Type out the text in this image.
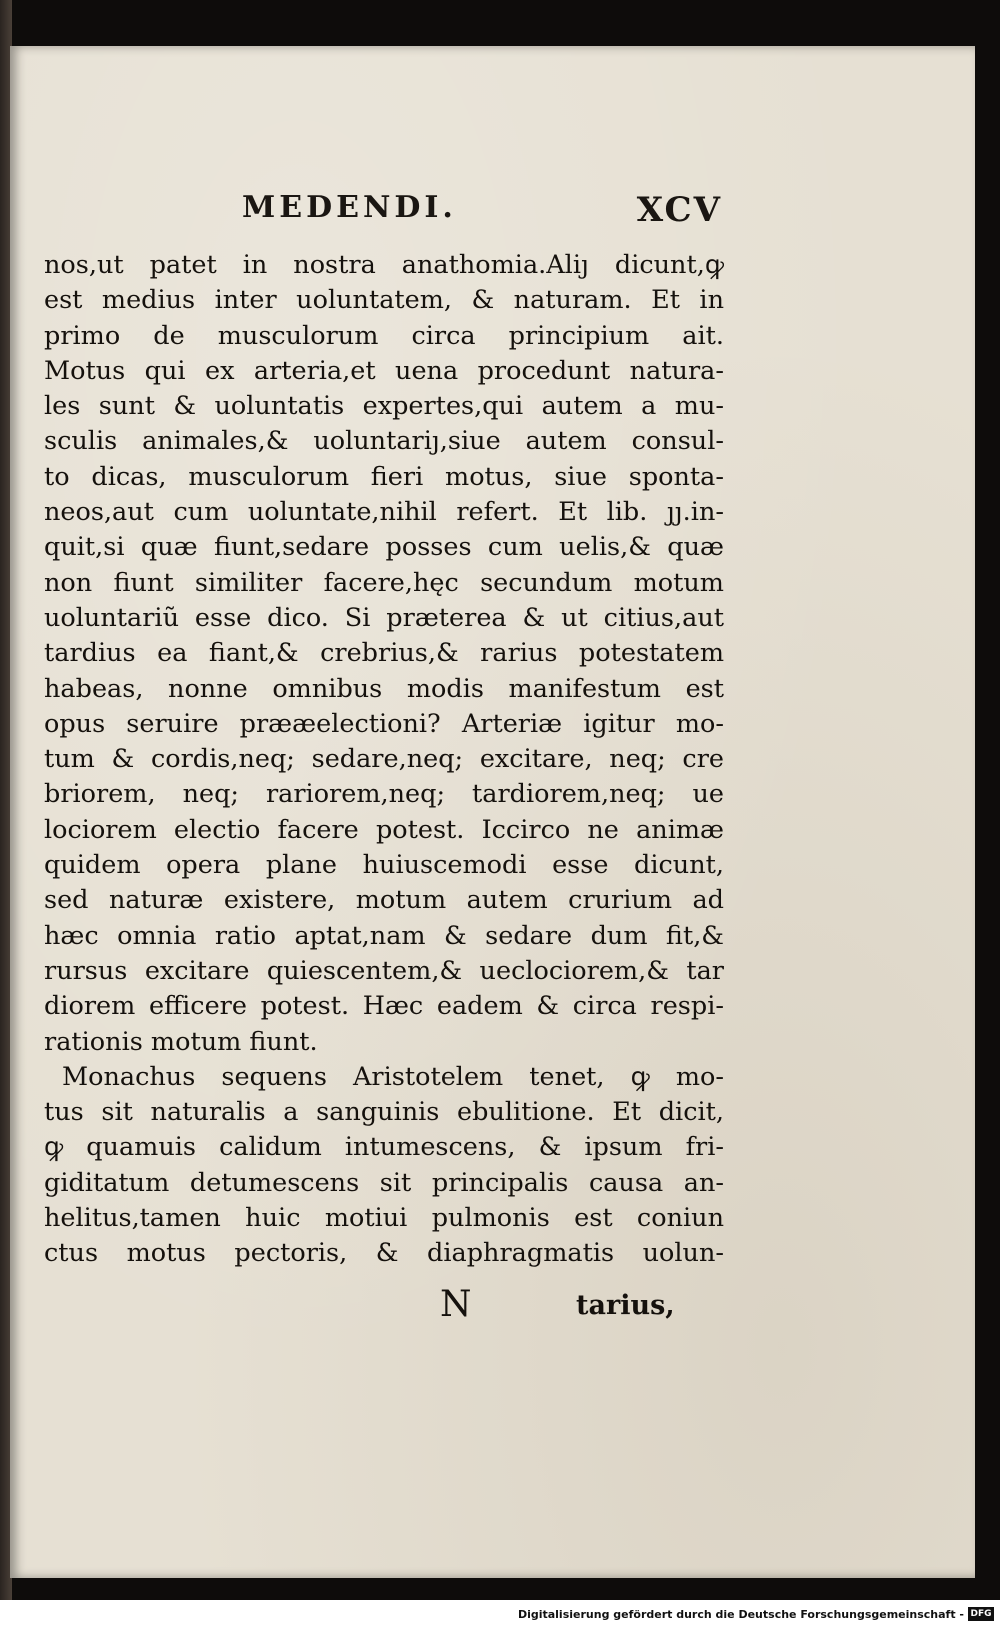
MEDENDI.	XCV
nos,ut patet in nostra anathomia.Aliȷ dicunt,ꝙ
est medius inter uoluntatem, & naturam. Et in
primo de musculorum circa principium ait.
Motus qui ex arteria,et uena procedunt natura-
les sunt & uoluntatis expertes,qui autem a mu-
sculis animales,& uoluntariȷ,siue autem consul-
to dicas, musculorum fieri motus, siue sponta-
neos,aut cum uoluntate,nihil refert. Et lib. ȷȷ.in-
quit,si quæ fiunt,sedare posses cum uelis,& quæ
non fiunt similiter facere,hęc secundum motum
uoluntariũ esse dico. Si præterea & ut citius,aut
tardius ea fiant,& crebrius,& rarius potestatem
habeas, nonne omnibus modis manifestum est
opus seruire prææelectioni? Arteriæ igitur mo-
tum & cordis,neq; sedare,neq; excitare, neq; cre
briorem, neq; rariorem,neq; tardiorem,neq; ue
lociorem electio facere potest. Iccirco ne animæ
quidem opera plane huiuscemodi esse dicunt,
sed naturæ existere, motum autem crurium ad
hæc omnia ratio aptat,nam & sedare dum fit,&
rursus excitare quiescentem,& ueclociorem,& tar
diorem efficere potest. Hæc eadem & circa respi-
rationis motum fiunt.
Monachus sequens Aristotelem tenet, ꝙ mo-
tus sit naturalis a sanguinis ebulitione. Et dicit,
ꝙ quamuis calidum intumescens, & ipsum fri-
giditatum detumescens sit principalis causa an-
helitus,tamen huic motiui pulmonis est coniun
ctus motus pectoris, & diaphragmatis uolun-
N	tarius,
Digitalisierung gefördert durch die Deutsche Forschungsgemeinschaft - DFG
